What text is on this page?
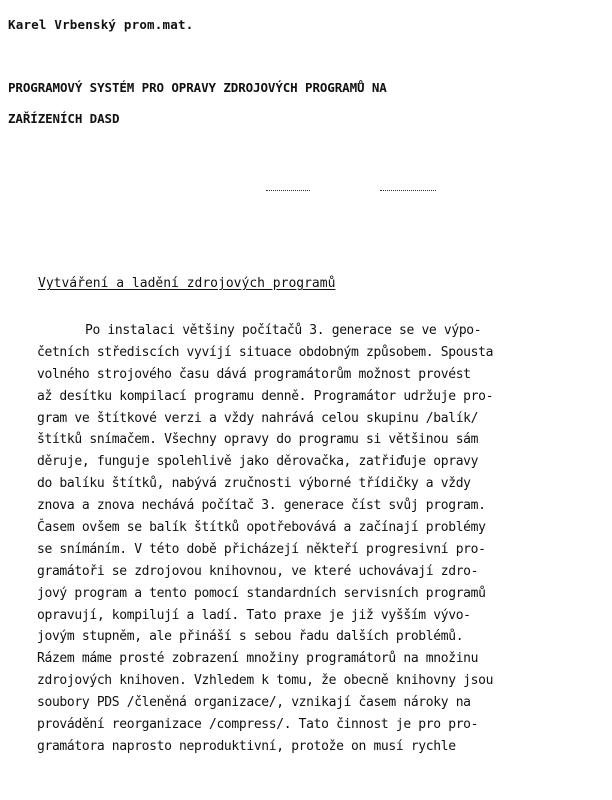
Karel Vrbenský prom.mat.
PROGRAMOVÝ SYSTÉM PRO OPRAVY ZDROJOVÝCH PROGRAMŮ NA
ZAŘÍZENÍCH DASD
Vytváření a ladění zdrojových programů
Po instalaci většiny počítačů 3. generace se ve výpo-
četních střediscích vyvíjí situace obdobným způsobem. Spousta
volného strojového času dává programátorům možnost provést
až desítku kompilací programu denně. Programátor udržuje pro-
gram ve štítkové verzi a vždy nahrává celou skupinu /balík/
štítků snímačem. Všechny opravy do programu si většinou sám
děruje, funguje spolehlivě jako děrovačka, zatřiďuje opravy
do balíku štítků, nabývá zručnosti výborné třídičky a vždy
znova a znova nechává počítač 3. generace číst svůj program.
Časem ovšem se balík štítků opotřebovává a začínají problémy
se snímáním. V této době přicházejí někteří progresivní pro-
gramátoři se zdrojovou knihovnou, ve které uchovávají zdro-
jový program a tento pomocí standardních servisních programů
opravují, kompilují a ladí. Tato praxe je již vyšším vývo-
jovým stupněm, ale přináší s sebou řadu dalších problémů.
Rázem máme prosté zobrazení množiny programátorů na množinu
zdrojových knihoven. Vzhledem k tomu, že obecně knihovny jsou
soubory PDS /členěná organizace/, vznikají časem nároky na
provádění reorganizace /compress/. Tato činnost je pro pro-
gramátora naprosto neproduktivní, protože on musí rychle
